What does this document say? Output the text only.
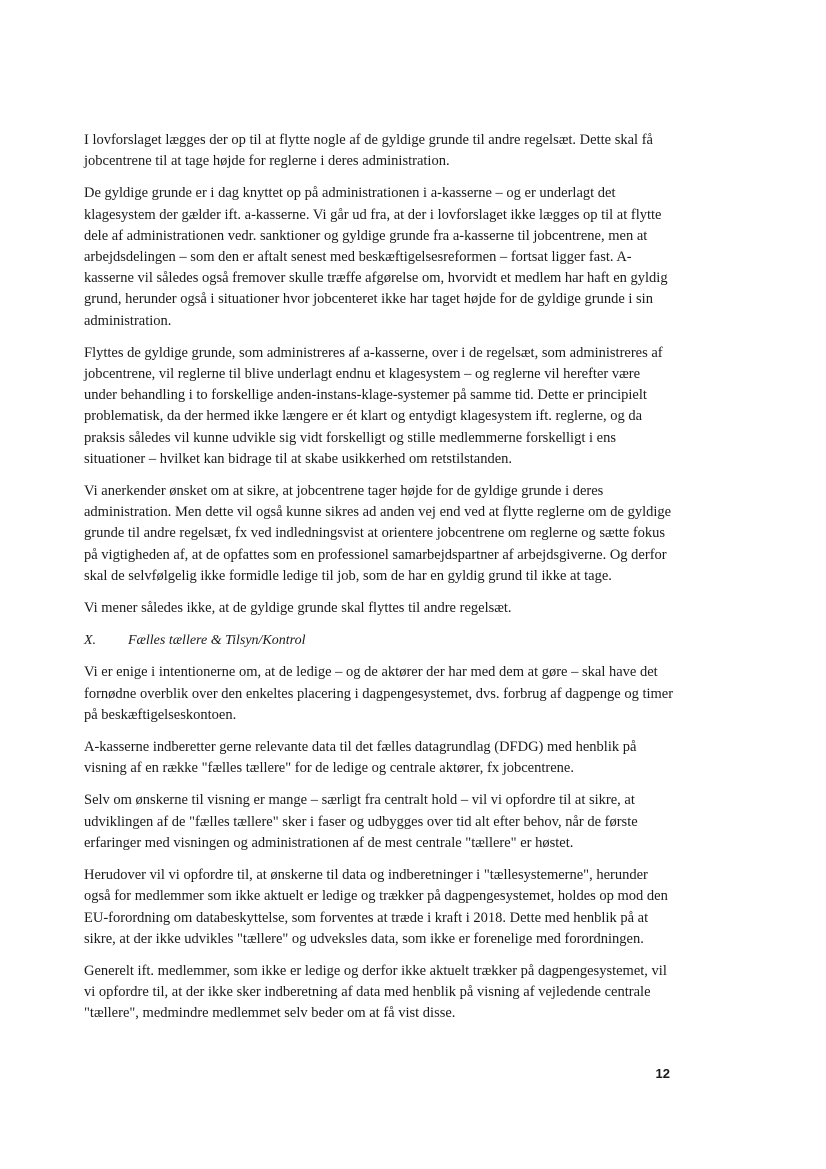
I lovforslaget lægges der op til at flytte nogle af de gyldige grunde til andre regelsæt. Dette skal få jobcentrene til at tage højde for reglerne i deres administration.

De gyldige grunde er i dag knyttet op på administrationen i a-kasserne – og er underlagt det klagesystem der gælder ift. a-kasserne. Vi går ud fra, at der i lovforslaget ikke lægges op til at flytte dele af administrationen vedr. sanktioner og gyldige grunde fra a-kasserne til jobcentrene, men at arbejdsdelingen – som den er aftalt senest med beskæftigelsesreformen – fortsat ligger fast. A-kasserne vil således også fremover skulle træffe afgørelse om, hvorvidt et medlem har haft en gyldig grund, herunder også i situationer hvor jobcenteret ikke har taget højde for de gyldige grunde i sin administration.

Flyttes de gyldige grunde, som administreres af a-kasserne, over i de regelsæt, som administreres af jobcentrene, vil reglerne til blive underlagt endnu et klagesystem – og reglerne vil herefter være under behandling i to forskellige anden-instans-klage-systemer på samme tid. Dette er principielt problematisk, da der hermed ikke længere er ét klart og entydigt klagesystem ift. reglerne, og da praksis således vil kunne udvikle sig vidt forskelligt og stille medlemmerne forskelligt i ens situationer – hvilket kan bidrage til at skabe usikkerhed om retstilstanden.

Vi anerkender ønsket om at sikre, at jobcentrene tager højde for de gyldige grunde i deres administration. Men dette vil også kunne sikres ad anden vej end ved at flytte reglerne om de gyldige grunde til andre regelsæt, fx ved indledningsvist at orientere jobcentrene om reglerne og sætte fokus på vigtigheden af, at de opfattes som en professionel samarbejdspartner af arbejdsgiverne. Og derfor skal de selvfølgelig ikke formidle ledige til job, som de har en gyldig grund til ikke at tage.

Vi mener således ikke, at de gyldige grunde skal flyttes til andre regelsæt.

X.	Fælles tællere & Tilsyn/Kontrol

Vi er enige i intentionerne om, at de ledige – og de aktører der har med dem at gøre – skal have det fornødne overblik over den enkeltes placering i dagpengesystemet, dvs. forbrug af dagpenge og timer på beskæftigelseskontoen.

A-kasserne indberetter gerne relevante data til det fælles datagrundlag (DFDG) med henblik på visning af en række "fælles tællere" for de ledige og centrale aktører, fx jobcentrene.

Selv om ønskerne til visning er mange – særligt fra centralt hold – vil vi opfordre til at sikre, at udviklingen af de "fælles tællere" sker i faser og udbygges over tid alt efter behov, når de første erfaringer med visningen og administrationen af de mest centrale "tællere" er høstet.

Herudover vil vi opfordre til, at ønskerne til data og indberetninger i "tællesystemerne", herunder også for medlemmer som ikke aktuelt er ledige og trækker på dagpengesystemet, holdes op mod den EU-forordning om databeskyttelse, som forventes at træde i kraft i 2018. Dette med henblik på at sikre, at der ikke udvikles "tællere" og udveksles data, som ikke er forenelige med forordningen.

Generelt ift. medlemmer, som ikke er ledige og derfor ikke aktuelt trækker på dagpengesystemet, vil vi opfordre til, at der ikke sker indberetning af data med henblik på visning af vejledende centrale "tællere", medmindre medlemmet selv beder om at få vist disse.

12
